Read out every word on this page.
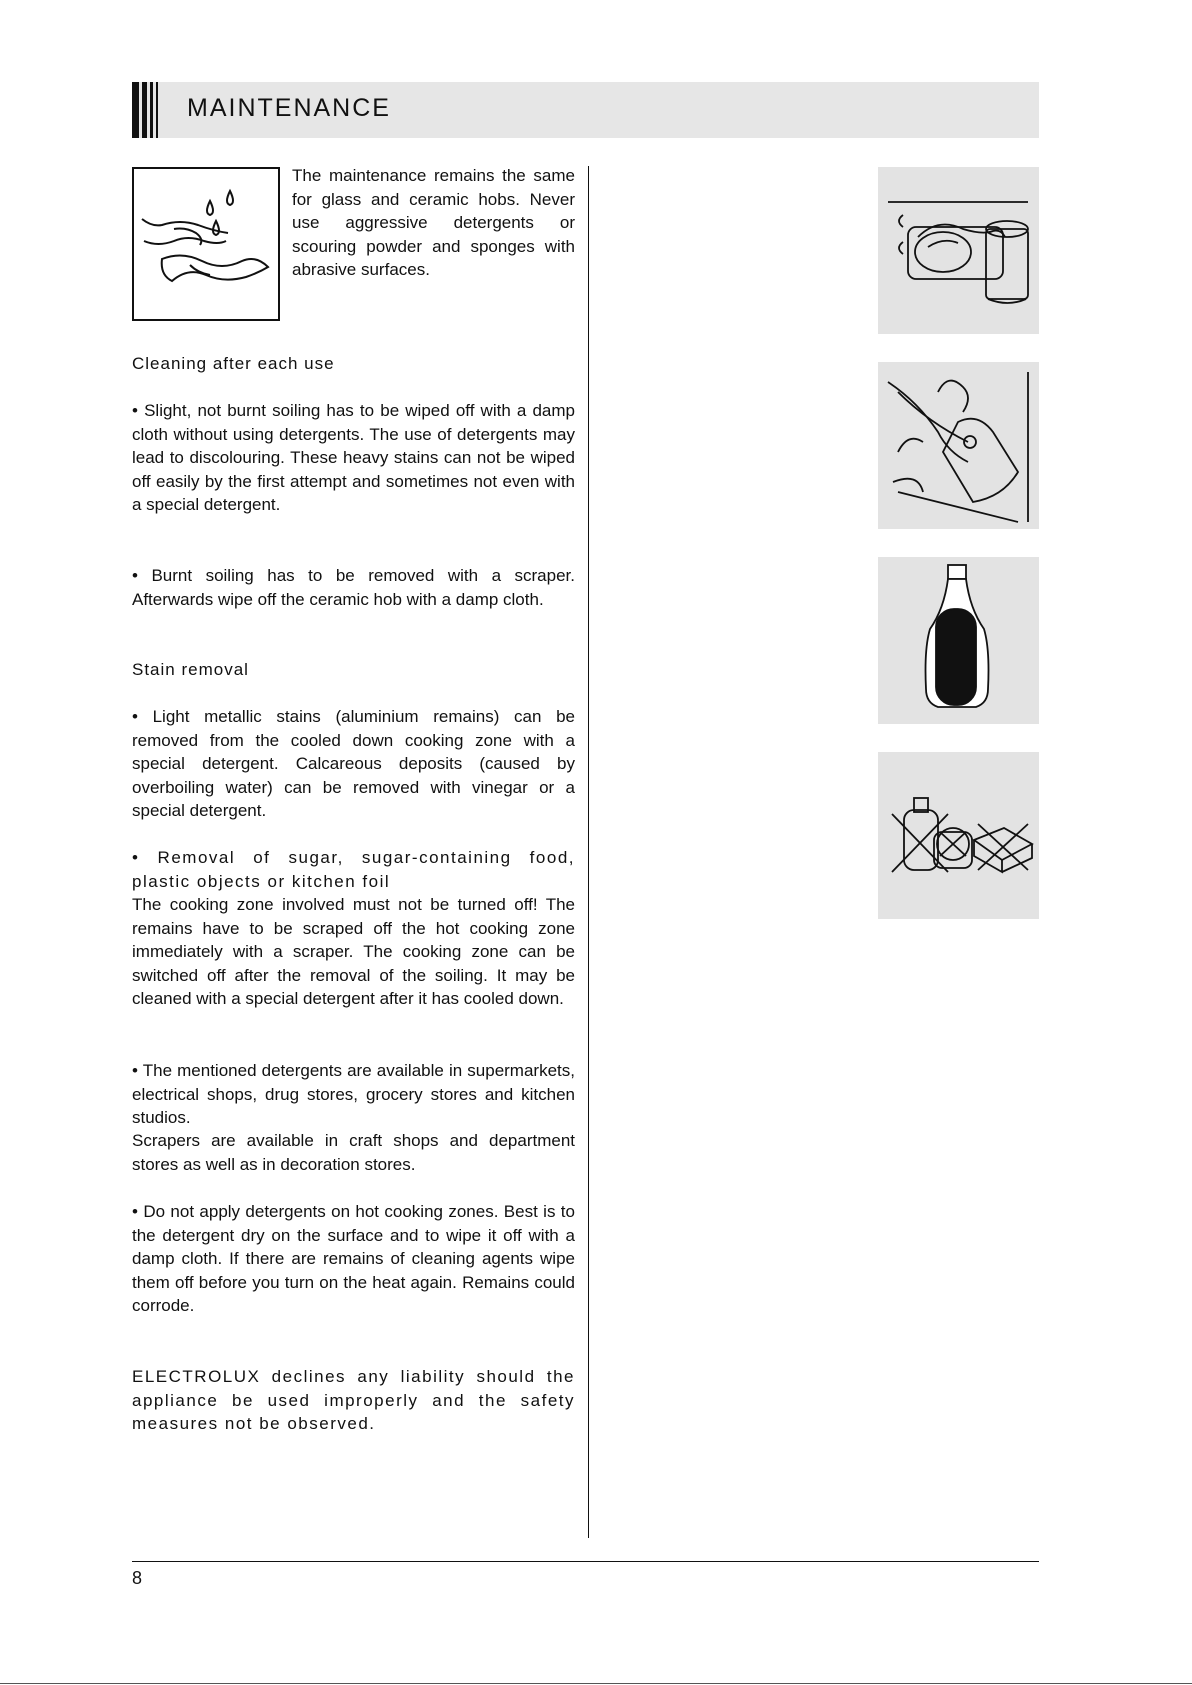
MAINTENANCE
The maintenance remains the same for glass and ceramic hobs. Never use aggressive detergents or scouring powder and sponges with abrasive surfaces.
Cleaning after each use
• Slight, not burnt soiling has to be wiped off with a damp cloth without using detergents. The use of detergents may lead to discolouring. These heavy stains can not be wiped off easily by the first attempt and sometimes not even with a special detergent.
• Burnt soiling has to be removed with a scraper. Afterwards wipe off the ceramic hob with a damp cloth.
Stain removal
• Light metallic stains (aluminium remains) can be removed from the cooled down cooking zone with a special detergent. Calcareous deposits (caused by overboiling water) can be removed with vinegar or a special detergent.
• Removal of sugar, sugar-containing food, plastic objects or kitchen foil
The cooking zone involved must not be turned off! The remains have to be scraped off the hot cooking zone immediately with a scraper. The cooking zone can be switched off after the removal of the soiling. It may be cleaned with a special detergent after it has cooled down.
• The mentioned detergents are available in supermarkets, electrical shops, drug stores, grocery stores and kitchen studios.
Scrapers are available in craft shops and department stores as well as in decoration stores.
• Do not apply detergents on hot cooking zones. Best is to the detergent dry on the surface and to wipe it off with a damp cloth. If there are remains of cleaning agents wipe them off before you turn on the heat again. Remains could corrode.
ELECTROLUX declines any liability should the appliance be used improperly and the safety measures not be observed.
8
